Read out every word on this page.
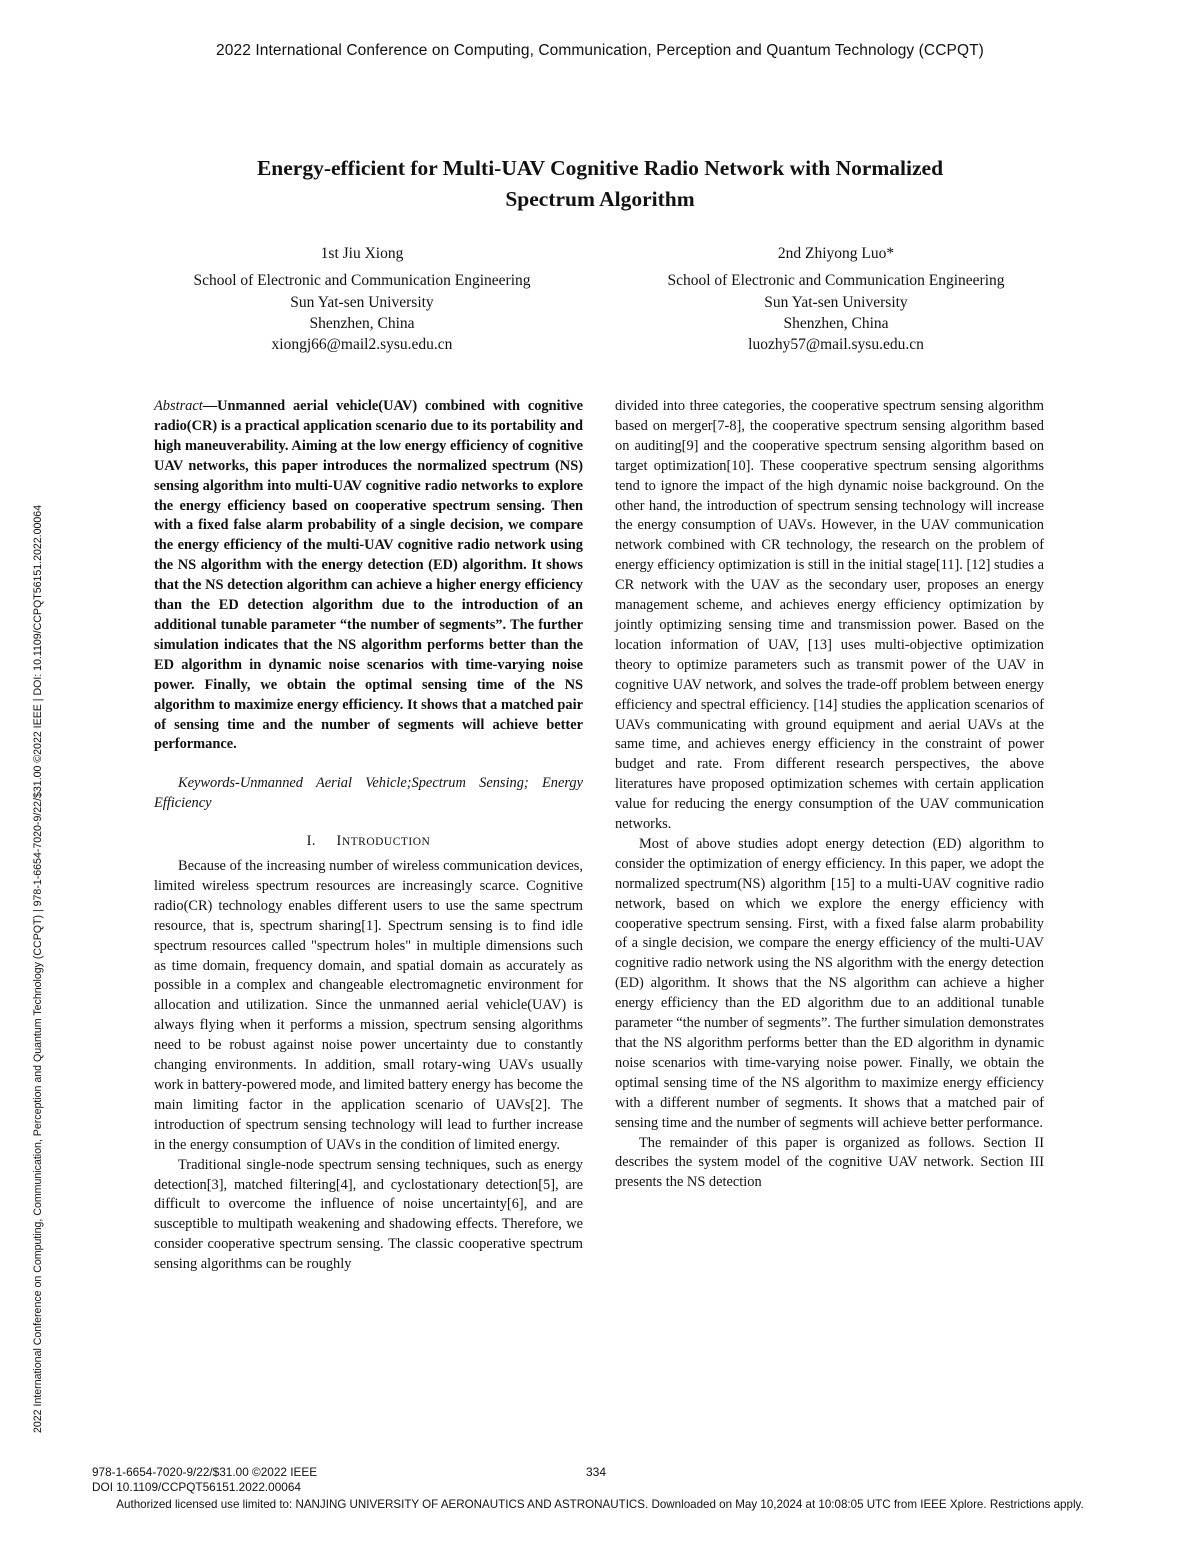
2022 International Conference on Computing, Communication, Perception and Quantum Technology (CCPQT)
2022 International Conference on Computing, Communication, Perception and Quantum Technology (CCPQT) | 978-1-6654-7020-9/22/$31.00 ©2022 IEEE | DOI: 10.1109/CCPQT56151.2022.00064
Energy-efficient for Multi-UAV Cognitive Radio Network with Normalized
Spectrum Algorithm
1st Jiu Xiong
School of Electronic and Communication Engineering
Sun Yat-sen University
Shenzhen, China
xiongj66@mail2.sysu.edu.cn
2nd Zhiyong Luo*
School of Electronic and Communication Engineering
Sun Yat-sen University
Shenzhen, China
luozhy57@mail.sysu.edu.cn

Abstract—Unmanned aerial vehicle(UAV) combined with cognitive radio(CR) is a practical application scenario due to its portability and high maneuverability. Aiming at the low energy efficiency of cognitive UAV networks, this paper introduces the normalized spectrum (NS) sensing algorithm into multi-UAV cognitive radio networks to explore the energy efficiency based on cooperative spectrum sensing. Then with a fixed false alarm probability of a single decision, we compare the energy efficiency of the multi-UAV cognitive radio network using the NS algorithm with the energy detection (ED) algorithm. It shows that the NS detection algorithm can achieve a higher energy efficiency than the ED detection algorithm due to the introduction of an additional tunable parameter “the number of segments”. The further simulation indicates that the NS algorithm performs better than the ED algorithm in dynamic noise scenarios with time-varying noise power. Finally, we obtain the optimal sensing time of the NS algorithm to maximize energy efficiency. It shows that a matched pair of sensing time and the number of segments will achieve better performance.

Keywords-Unmanned Aerial Vehicle;Spectrum Sensing; Energy Efficiency

I. INTRODUCTION

Because of the increasing number of wireless communication devices, limited wireless spectrum resources are increasingly scarce. Cognitive radio(CR) technology enables different users to use the same spectrum resource, that is, spectrum sharing[1]. Spectrum sensing is to find idle spectrum resources called "spectrum holes" in multiple dimensions such as time domain, frequency domain, and spatial domain as accurately as possible in a complex and changeable electromagnetic environment for allocation and utilization. Since the unmanned aerial vehicle(UAV) is always flying when it performs a mission, spectrum sensing algorithms need to be robust against noise power uncertainty due to constantly changing environments. In addition, small rotary-wing UAVs usually work in battery-powered mode, and limited battery energy has become the main limiting factor in the application scenario of UAVs[2]. The introduction of spectrum sensing technology will lead to further increase in the energy consumption of UAVs in the condition of limited energy.

Traditional single-node spectrum sensing techniques, such as energy detection[3], matched filtering[4], and cyclostationary detection[5], are difficult to overcome the influence of noise uncertainty[6], and are susceptible to multipath weakening and shadowing effects. Therefore, we consider cooperative spectrum sensing. The classic cooperative spectrum sensing algorithms can be roughly

divided into three categories, the cooperative spectrum sensing algorithm based on merger[7-8], the cooperative spectrum sensing algorithm based on auditing[9] and the cooperative spectrum sensing algorithm based on target optimization[10]. These cooperative spectrum sensing algorithms tend to ignore the impact of the high dynamic noise background. On the other hand, the introduction of spectrum sensing technology will increase the energy consumption of UAVs. However, in the UAV communication network combined with CR technology, the research on the problem of energy efficiency optimization is still in the initial stage[11]. [12] studies a CR network with the UAV as the secondary user, proposes an energy management scheme, and achieves energy efficiency optimization by jointly optimizing sensing time and transmission power. Based on the location information of UAV, [13] uses multi-objective optimization theory to optimize parameters such as transmit power of the UAV in cognitive UAV network, and solves the trade-off problem between energy efficiency and spectral efficiency. [14] studies the application scenarios of UAVs communicating with ground equipment and aerial UAVs at the same time, and achieves energy efficiency in the constraint of power budget and rate. From different research perspectives, the above literatures have proposed optimization schemes with certain application value for reducing the energy consumption of the UAV communication networks.

Most of above studies adopt energy detection (ED) algorithm to consider the optimization of energy efficiency. In this paper, we adopt the normalized spectrum(NS) algorithm [15] to a multi-UAV cognitive radio network, based on which we explore the energy efficiency with cooperative spectrum sensing. First, with a fixed false alarm probability of a single decision, we compare the energy efficiency of the multi-UAV cognitive radio network using the NS algorithm with the energy detection (ED) algorithm. It shows that the NS algorithm can achieve a higher energy efficiency than the ED algorithm due to an additional tunable parameter “the number of segments”. The further simulation demonstrates that the NS algorithm performs better than the ED algorithm in dynamic noise scenarios with time-varying noise power. Finally, we obtain the optimal sensing time of the NS algorithm to maximize energy efficiency with a different number of segments. It shows that a matched pair of sensing time and the number of segments will achieve better performance.

The remainder of this paper is organized as follows. Section II describes the system model of the cognitive UAV network. Section III presents the NS detection

978-1-6654-7020-9/22/$31.00 ©2022 IEEE
DOI 10.1109/CCPQT56151.2022.00064
334
Authorized licensed use limited to: NANJING UNIVERSITY OF AERONAUTICS AND ASTRONAUTICS. Downloaded on May 10,2024 at 10:08:05 UTC from IEEE Xplore. Restrictions apply.
